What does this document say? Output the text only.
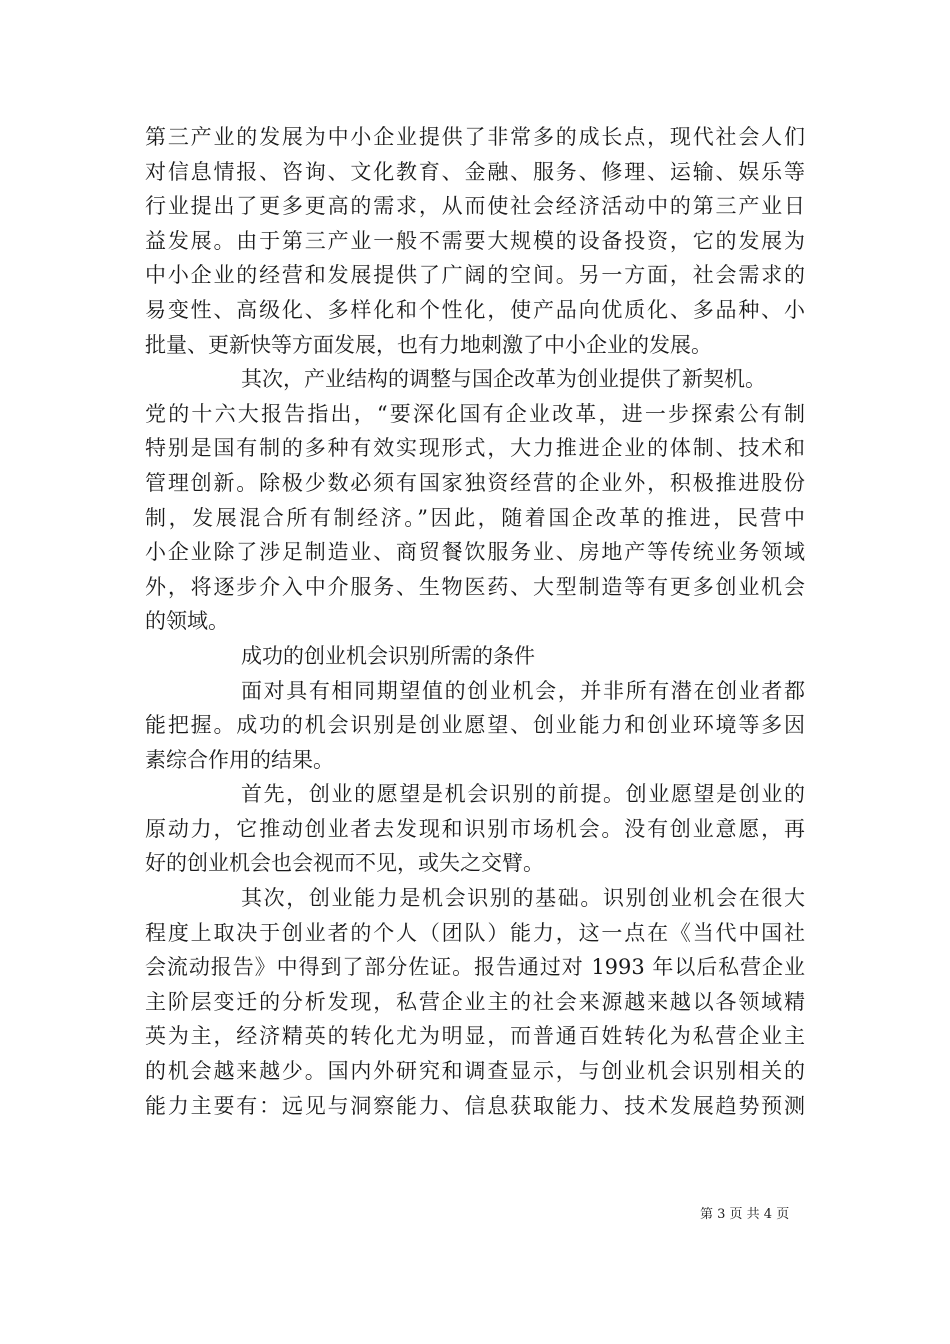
第三产业的发展为中小企业提供了非常多的成长点，现代社会人们
对信息情报、咨询、文化教育、金融、服务、修理、运输、娱乐等
行业提出了更多更高的需求，从而使社会经济活动中的第三产业日
益发展。由于第三产业一般不需要大规模的设备投资，它的发展为
中小企业的经营和发展提供了广阔的空间。另一方面，社会需求的
易变性、高级化、多样化和个性化，使产品向优质化、多品种、小
批量、更新快等方面发展，也有力地刺激了中小企业的发展。
其次，产业结构的调整与国企改革为创业提供了新契机。
党的十六大报告指出，“要深化国有企业改革，进一步探索公有制
特别是国有制的多种有效实现形式，大力推进企业的体制、技术和
管理创新。除极少数必须有国家独资经营的企业外，积极推进股份
制，发展混合所有制经济。”因此，随着国企改革的推进，民营中
小企业除了涉足制造业、商贸餐饮服务业、房地产等传统业务领域
外，将逐步介入中介服务、生物医药、大型制造等有更多创业机会
的领域。
成功的创业机会识别所需的条件
面对具有相同期望值的创业机会，并非所有潜在创业者都
能把握。成功的机会识别是创业愿望、创业能力和创业环境等多因
素综合作用的结果。
首先，创业的愿望是机会识别的前提。创业愿望是创业的
原动力，它推动创业者去发现和识别市场机会。没有创业意愿，再
好的创业机会也会视而不见，或失之交臂。
其次，创业能力是机会识别的基础。识别创业机会在很大
程度上取决于创业者的个人（团队）能力，这一点在《当代中国社
会流动报告》中得到了部分佐证。报告通过对 1993 年以后私营企业
主阶层变迁的分析发现，私营企业主的社会来源越来越以各领域精
英为主，经济精英的转化尤为明显，而普通百姓转化为私营企业主
的机会越来越少。国内外研究和调查显示，与创业机会识别相关的
能力主要有：远见与洞察能力、信息获取能力、技术发展趋势预测
第 3 页 共 4 页
